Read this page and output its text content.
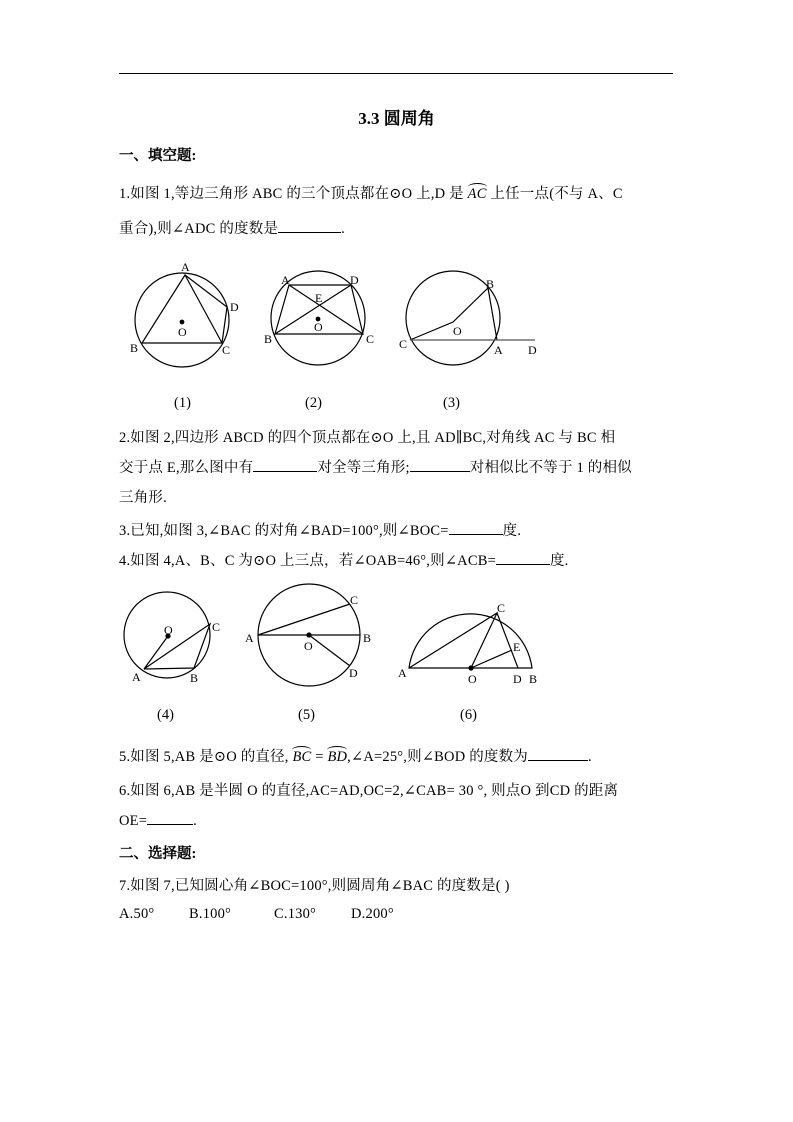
3.3 圆周角
一、填空题:
1.如图 1,等边三角形 ABC 的三个顶点都在⊙O 上,D 是 AC 上任一点(不与 A、C
重合),则∠ADC 的度数是	.
A
B	C
D
O
A	D
E
O
B	C
B
O
C	A D
O	C
A	B
A	B
C
D
O
C
E
A	O	D B
(1)	(2)	(3)
2.如图 2,四边形 ABCD 的四个顶点都在⊙O 上,且 AD∥BC,对角线 AC 与 BC 相
交于点 E,那么图中有	对全等三角形;	对相似比不等于 1 的相似
三角形.
3.已知,如图 3,∠BAC 的对角∠BAD=100°,则∠BOC=	度.
4.如图 4,A、B、C 为⊙O 上三点，若∠OAB=46°,则∠ACB=	度.
(4)	(5)	(6)
5.如图 5,AB 是⊙O 的直径, BC = BD,∠A=25°,则∠BOD 的度数为	.
6.如图 6,AB 是半圆 O 的直径,AC=AD,OC=2,∠CAB= 30 °, 则点O 到CD 的距离
OE=	.
二、选择题:
7.如图 7,已知圆心角∠BOC=100°,则圆周角∠BAC 的度数是( )
A.50° B.100°	C.130° D.200°
